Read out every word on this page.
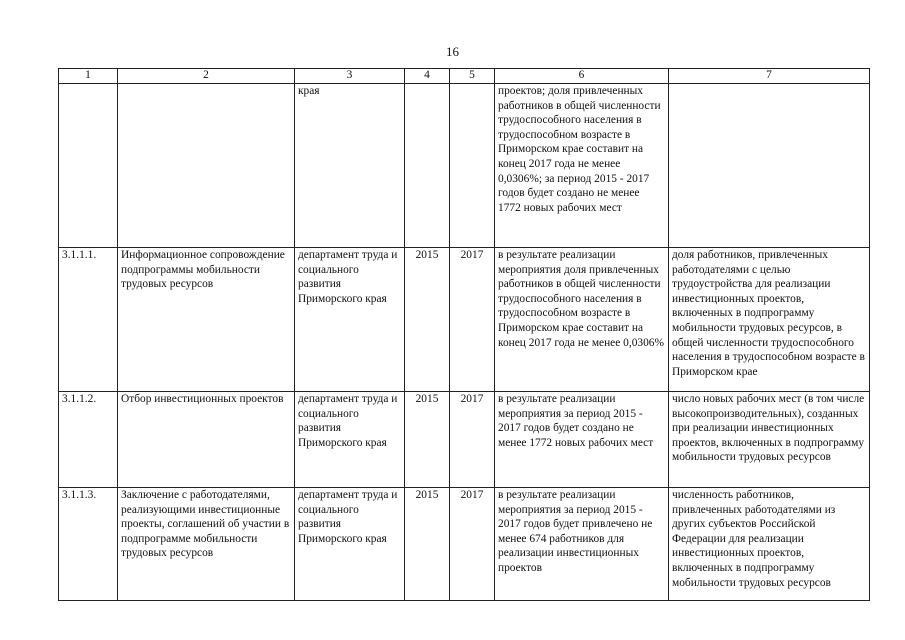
16
1	2	3	4	5	6	7
		края			проектов; доля привлеченных работников в общей численности трудоспособного населения в трудоспособном возрасте в Приморском крае составит на конец 2017 года не менее 0,0306%; за период 2015 - 2017 годов будет создано не менее 1772 новых рабочих мест	
3.1.1.1.	Информационное сопровождение подпрограммы мобильности трудовых ресурсов	департамент труда и социального развития Приморского края	2015	2017	в результате реализации мероприятия доля привлеченных работников в общей численности трудоспособного населения в трудоспособном возрасте в Приморском крае составит на конец 2017 года не менее 0,0306%	доля работников, привлеченных работодателями с целью трудоустройства для реализации инвестиционных проектов, включенных в подпрограмму мобильности трудовых ресурсов, в общей численности трудоспособного населения в трудоспособном возрасте в Приморском крае
3.1.1.2.	Отбор инвестиционных проектов	департамент труда и социального развития Приморского края	2015	2017	в результате реализации мероприятия за период 2015 - 2017 годов будет создано не менее 1772 новых рабочих мест	число новых рабочих мест (в том числе высокопроизводительных), созданных при реализации инвестиционных проектов, включенных в подпрограмму мобильности трудовых ресурсов
3.1.1.3.	Заключение с работодателями, реализующими инвестиционные проекты, соглашений об участии в подпрограмме мобильности трудовых ресурсов	департамент труда и социального развития Приморского края	2015	2017	в результате реализации мероприятия за период 2015 - 2017 годов будет привлечено не менее 674 работников для реализации инвестиционных проектов	численность работников, привлеченных работодателями из других субъектов Российской Федерации для реализации инвестиционных проектов, включенных в подпрограмму мобильности трудовых ресурсов
